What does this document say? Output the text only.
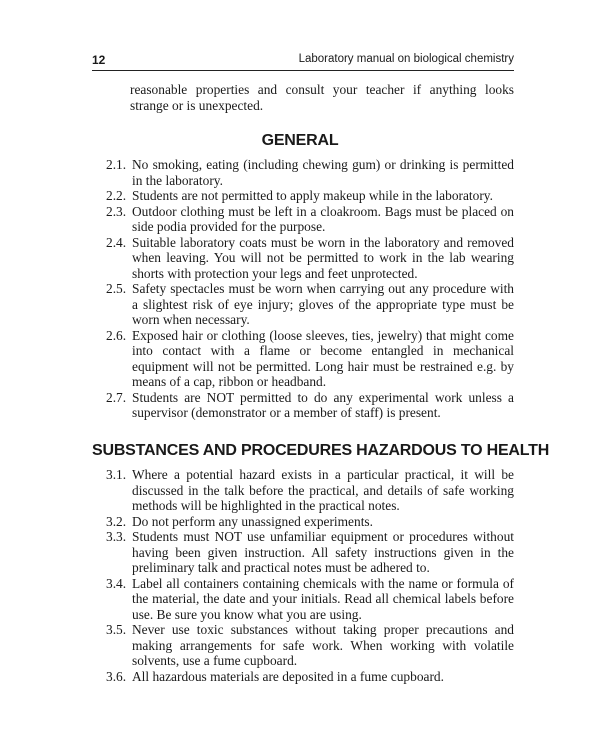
12	Laboratory manual on biological chemistry
reasonable properties and consult your teacher if anything looks strange or is unexpected.
GENERAL
2.1. No smoking, eating (including chewing gum) or drinking is permitted in the laboratory.
2.2. Students are not permitted to apply makeup while in the laboratory.
2.3. Outdoor clothing must be left in a cloakroom. Bags must be placed on side podia provided for the purpose.
2.4. Suitable laboratory coats must be worn in the laboratory and removed when leaving. You will not be permitted to work in the lab wearing shorts with protection your legs and feet unprotected.
2.5. Safety spectacles must be worn when carrying out any procedure with a slightest risk of eye injury; gloves of the appropriate type must be worn when necessary.
2.6. Exposed hair or clothing (loose sleeves, ties, jewelry) that might come into contact with a flame or become entangled in mechanical equipment will not be permitted. Long hair must be restrained e.g. by means of a cap, ribbon or headband.
2.7. Students are NOT permitted to do any experimental work unless a supervisor (demonstrator or a member of staff) is present.
SUBSTANCES AND PROCEDURES HAZARDOUS TO HEALTH
3.1. Where a potential hazard exists in a particular practical, it will be discussed in the talk before the practical, and details of safe working methods will be highlighted in the practical notes.
3.2. Do not perform any unassigned experiments.
3.3. Students must NOT use unfamiliar equipment or procedures without having been given instruction. All safety instructions given in the preliminary talk and practical notes must be adhered to.
3.4. Label all containers containing chemicals with the name or formula of the material, the date and your initials. Read all chemical labels before use. Be sure you know what you are using.
3.5. Never use toxic substances without taking proper precautions and making arrangements for safe work. When working with volatile solvents, use a fume cupboard.
3.6. All hazardous materials are deposited in a fume cupboard.
